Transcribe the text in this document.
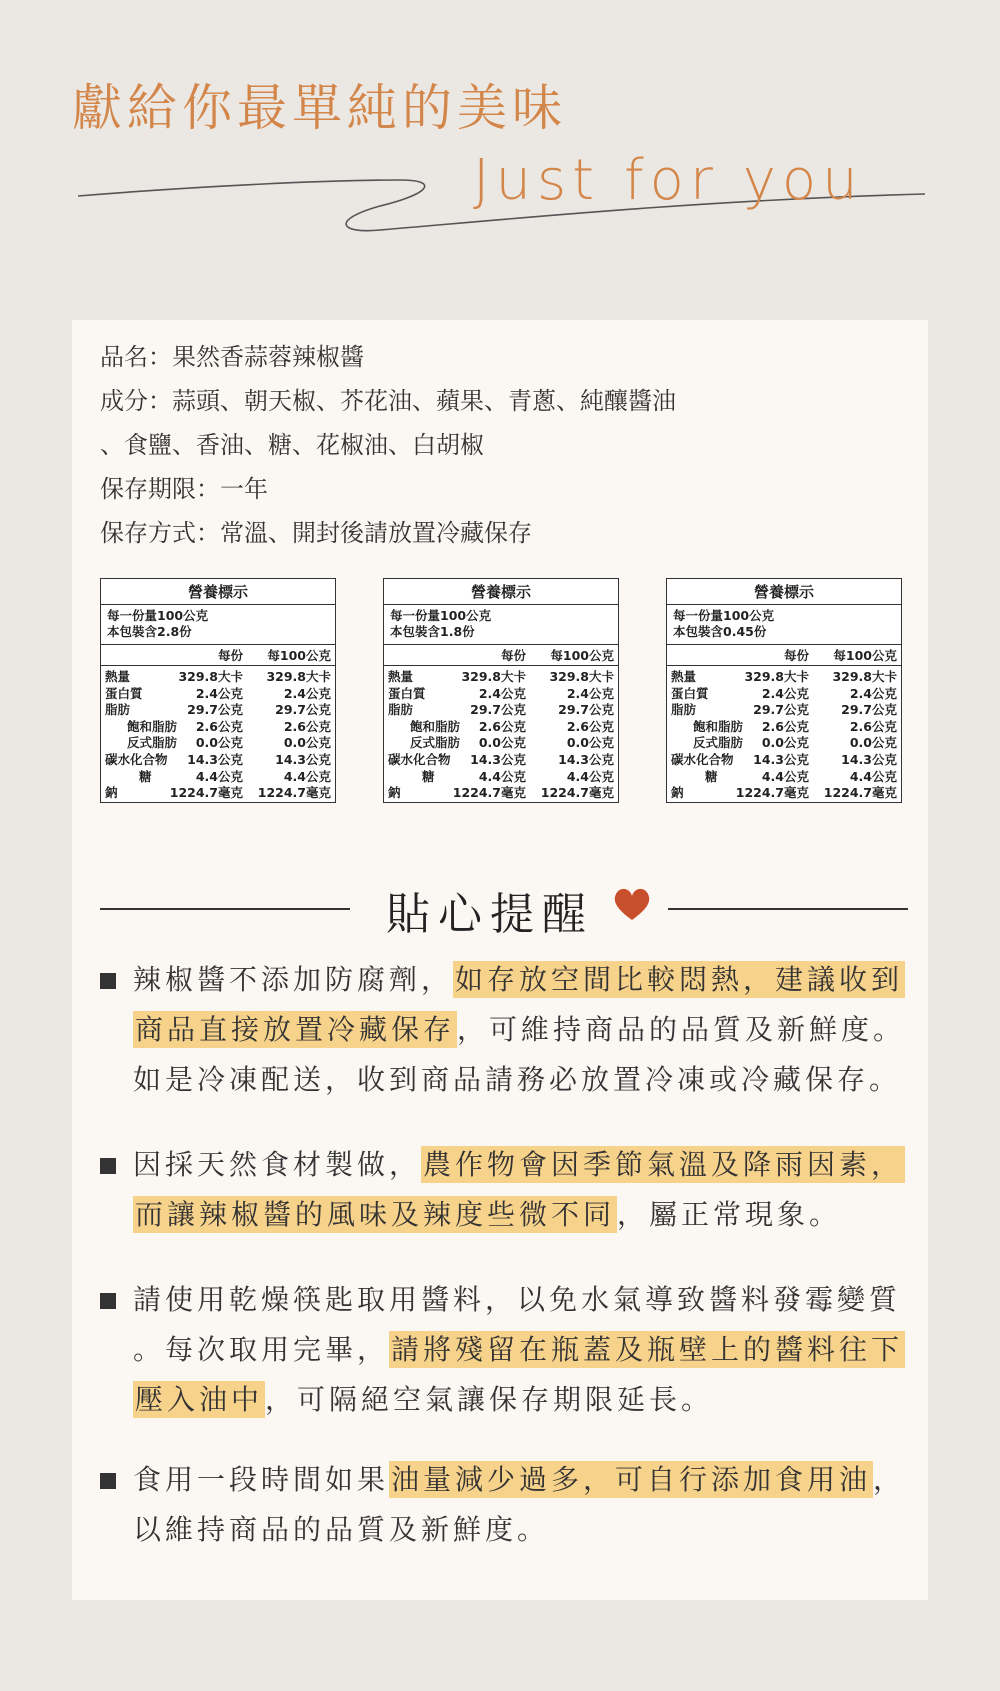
獻給你最單純的美味
Just for you
品名：果然香蒜蓉辣椒醬
成分：蒜頭、朝天椒、芥花油、蘋果、青蔥、純釀醬油
、食鹽、香油、糖、花椒油、白胡椒
保存期限：一年
保存方式：常溫、開封後請放置冷藏保存
營養標示
每一份量100公克
本包裝含2.8份
每份 每100公克
熱量	329.8大卡 329.8大卡
蛋白質	2.4公克	2.4公克
脂肪	29.7公克	29.7公克
飽和脂肪 2.6公克	2.6公克
反式脂肪 0.0公克	0.0公克
碳水化合物 14.3公克	14.3公克
糖	4.4公克	4.4公克
鈉	1224.7毫克 1224.7毫克
營養標示
每一份量100公克
本包裝含1.8份
每份 每100公克
熱量	329.8大卡 329.8大卡
蛋白質	2.4公克	2.4公克
脂肪	29.7公克	29.7公克
飽和脂肪 2.6公克	2.6公克
反式脂肪 0.0公克	0.0公克
碳水化合物 14.3公克	14.3公克
糖	4.4公克	4.4公克
鈉	1224.7毫克 1224.7毫克
營養標示
每一份量100公克
本包裝含0.45份
每份 每100公克
熱量	329.8大卡 329.8大卡
蛋白質	2.4公克	2.4公克
脂肪	29.7公克	29.7公克
飽和脂肪 2.6公克	2.6公克
反式脂肪 0.0公克	0.0公克
碳水化合物 14.3公克	14.3公克
糖	4.4公克	4.4公克
鈉	1224.7毫克 1224.7毫克
貼心提醒
辣椒醬不添加防腐劑，如存放空間比較悶熱，建議收到
商品直接放置冷藏保存，可維持商品的品質及新鮮度。
如是冷凍配送，收到商品請務必放置冷凍或冷藏保存。
因採天然食材製做，農作物會因季節氣溫及降雨因素，
而讓辣椒醬的風味及辣度些微不同，屬正常現象。
請使用乾燥筷匙取用醬料，以免水氣導致醬料發霉變質
。每次取用完畢，請將殘留在瓶蓋及瓶壁上的醬料往下
壓入油中，可隔絕空氣讓保存期限延長。
食用一段時間如果油量減少過多，可自行添加食用油，
以維持商品的品質及新鮮度。
